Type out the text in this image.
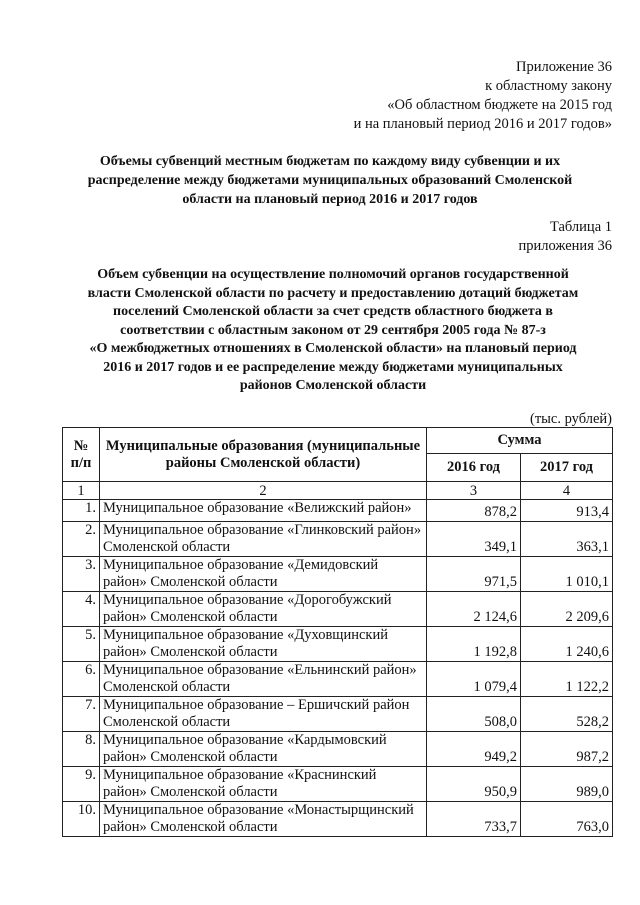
Приложение 36
к областному закону
«Об областном бюджете на 2015 год
и на плановый период 2016 и 2017 годов»
Объемы субвенций местным бюджетам по каждому виду субвенции и их
распределение между бюджетами муниципальных образований Смоленской
области на плановый период 2016 и 2017 годов
Таблица 1
приложения 36
Объем субвенции на осуществление полномочий органов государственной
власти Смоленской области по расчету и предоставлению дотаций бюджетам
поселений Смоленской области за счет средств областного бюджета в
соответствии с областным законом от 29 сентября 2005 года № 87-з
«О межбюджетных отношениях в Смоленской области» на плановый период
2016 и 2017 годов и ее распределение между бюджетами муниципальных
районов Смоленской области
(тыс. рублей)
№ п/п	Муниципальные образования (муниципальные районы Смоленской области)	Сумма	
		2016 год	2017 год
1	2	3	4
1.	Муниципальное образование «Велижский район»	878,2	913,4
2.	Муниципальное образование «Глинковский район» Смоленской области	349,1	363,1
3.	Муниципальное образование «Демидовский район» Смоленской области	971,5	1 010,1
4.	Муниципальное образование «Дорогобужский район» Смоленской области	2 124,6	2 209,6
5.	Муниципальное образование «Духовщинский район» Смоленской области	1 192,8	1 240,6
6.	Муниципальное образование «Ельнинский район» Смоленской области	1 079,4	1 122,2
7.	Муниципальное образование – Ершичский район Смоленской области	508,0	528,2
8.	Муниципальное образование «Кардымовский район» Смоленской области	949,2	987,2
9.	Муниципальное образование «Краснинский район» Смоленской области	950,9	989,0
10.	Муниципальное образование «Монастырщинский район» Смоленской области	733,7	763,0
